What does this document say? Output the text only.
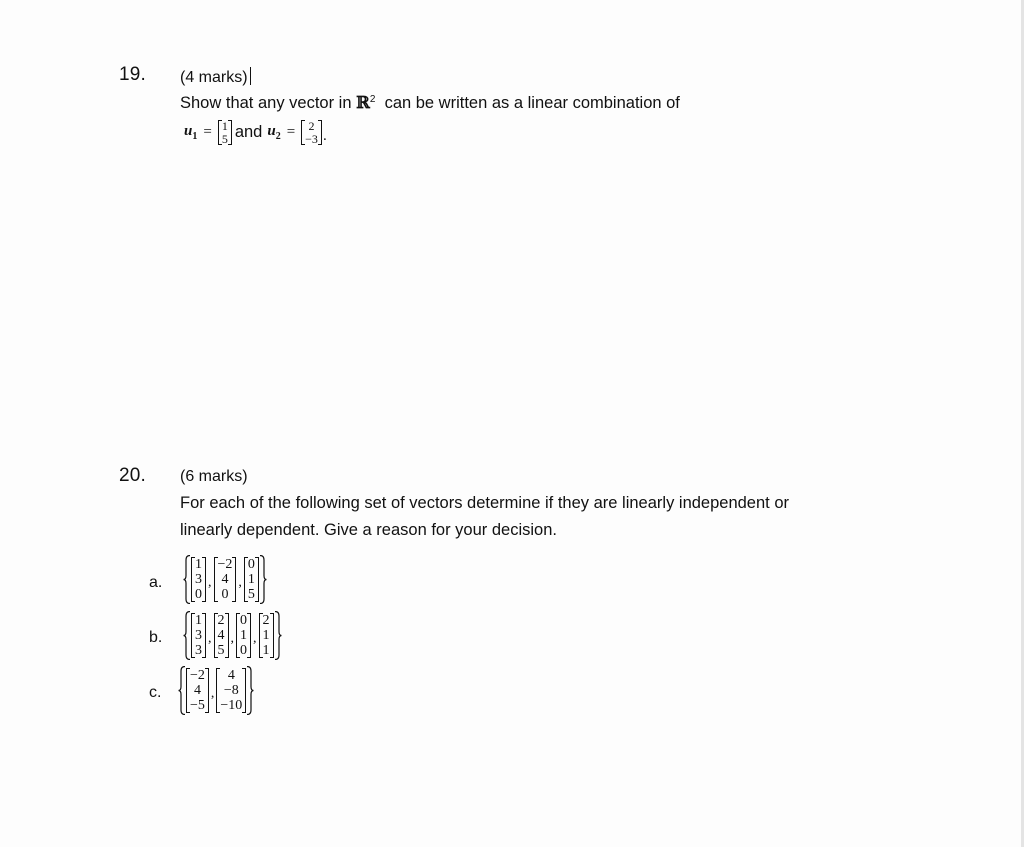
19. (4 marks)
Show that any vector in ℝ$^2$ can be written as a linear combination of
$u_1 = 1$
5 and $u_2 = 2$
−3 .
20. (6 marks)
For each of the following set of vectors determine if they are linearly independent or
linearly dependent. Give a reason for your decision.
a.
1
3
0
,
−2
4
0
,
0
1
5
b.
1
3
3
,
2
4
5
,
0
1
0
,
2
1
1
c.
−2
4
−5
,
4
−8
−10
